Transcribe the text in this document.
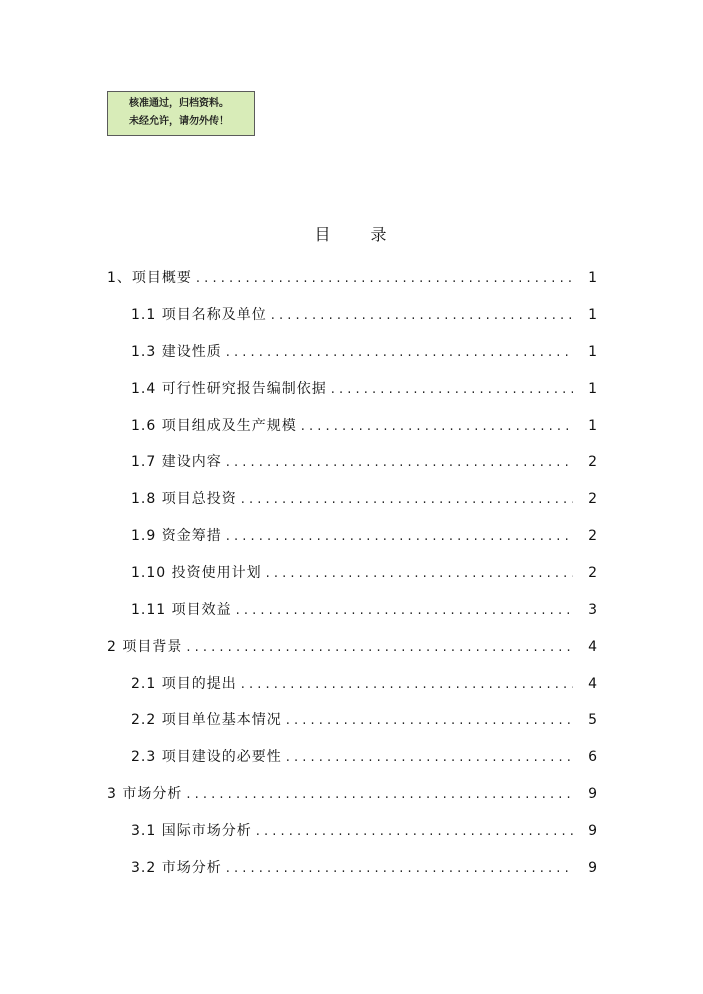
核准通过，归档资料。
未经允许，请勿外传！
目 录
1、项目概要 . . .	1
1.1 项目名称及单位 . . .	1
1.3 建设性质 . . .	1
1.4 可行性研究报告编制依据 . . .	1
1.6 项目组成及生产规模 . . .	1
1.7 建设内容 . . .	2
1.8 项目总投资 . . .	2
1.9 资金筹措 . . .	2
1.10 投资使用计划 . . .	2
1.11 项目效益 . . .	3
2 项目背景 . . .	4
2.1 项目的提出 . . .	4
2.2 项目单位基本情况 . . .	5
2.3 项目建设的必要性 . . .	6
3 市场分析 . . .	9
3.1 国际市场分析 . . .	9
3.2 市场分析 . . .	9
